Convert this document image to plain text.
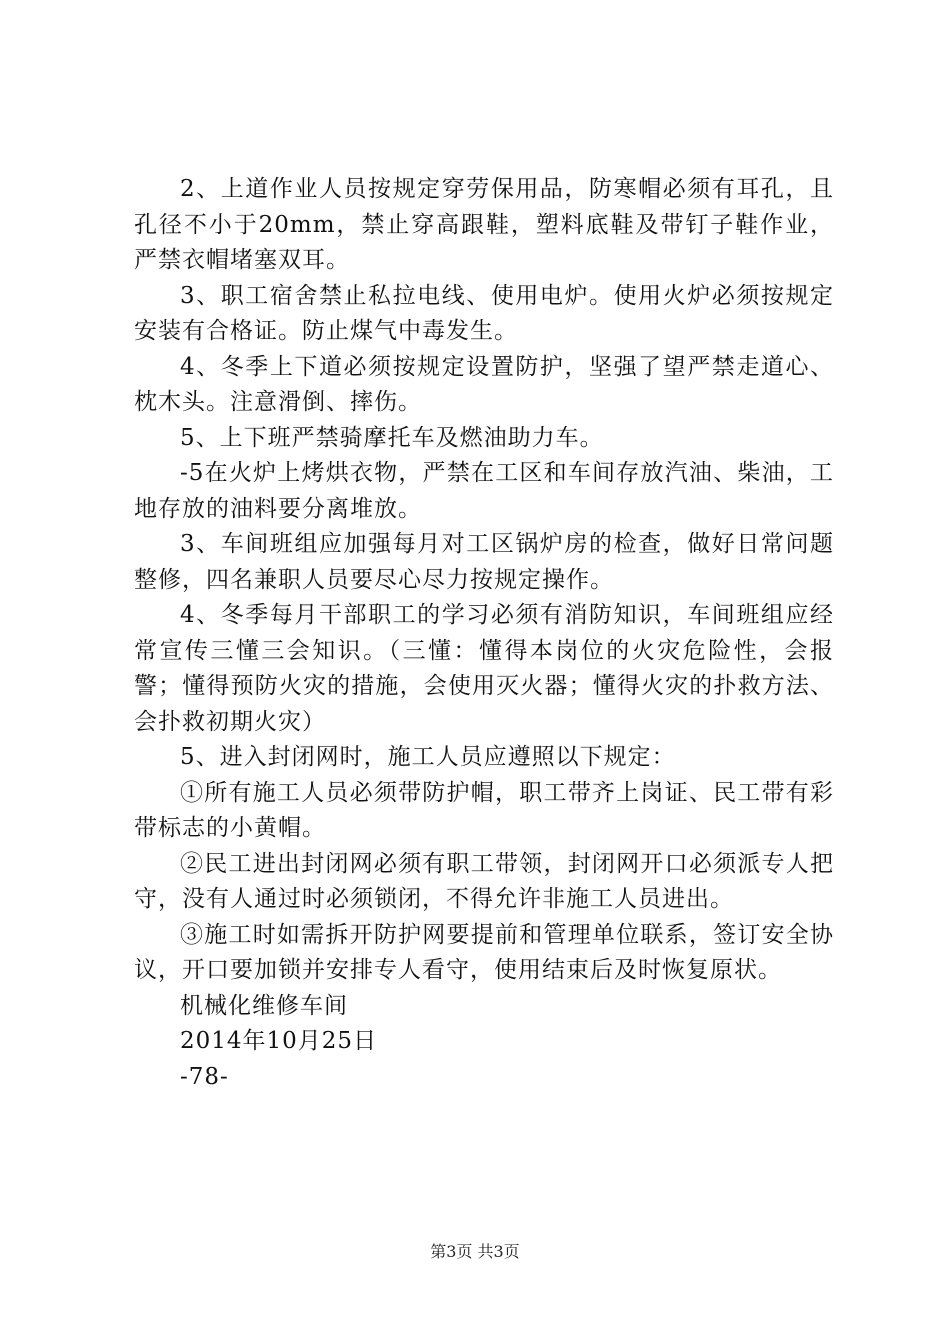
2、上道作业人员按规定穿劳保用品，防寒帽必须有耳孔，且孔径不小于20mm，禁止穿高跟鞋，塑料底鞋及带钉子鞋作业，严禁衣帽堵塞双耳。

3、职工宿舍禁止私拉电线、使用电炉。使用火炉必须按规定安装有合格证。防止煤气中毒发生。

4、冬季上下道必须按规定设置防护，坚强了望严禁走道心、枕木头。注意滑倒、摔伤。

5、上下班严禁骑摩托车及燃油助力车。

-5在火炉上烤烘衣物，严禁在工区和车间存放汽油、柴油，工地存放的油料要分离堆放。

3、车间班组应加强每月对工区锅炉房的检查，做好日常问题整修，四名兼职人员要尽心尽力按规定操作。

4、冬季每月干部职工的学习必须有消防知识，车间班组应经常宣传三懂三会知识。（三懂：懂得本岗位的火灾危险性，会报警；懂得预防火灾的措施，会使用灭火器；懂得火灾的扑救方法、会扑救初期火灾）

5、进入封闭网时，施工人员应遵照以下规定：

①所有施工人员必须带防护帽，职工带齐上岗证、民工带有彩带标志的小黄帽。

②民工进出封闭网必须有职工带领，封闭网开口必须派专人把守，没有人通过时必须锁闭，不得允许非施工人员进出。

③施工时如需拆开防护网要提前和管理单位联系，签订安全协议，开口要加锁并安排专人看守，使用结束后及时恢复原状。

机械化维修车间

2014年10月25日

-78-

第3页 共3页
